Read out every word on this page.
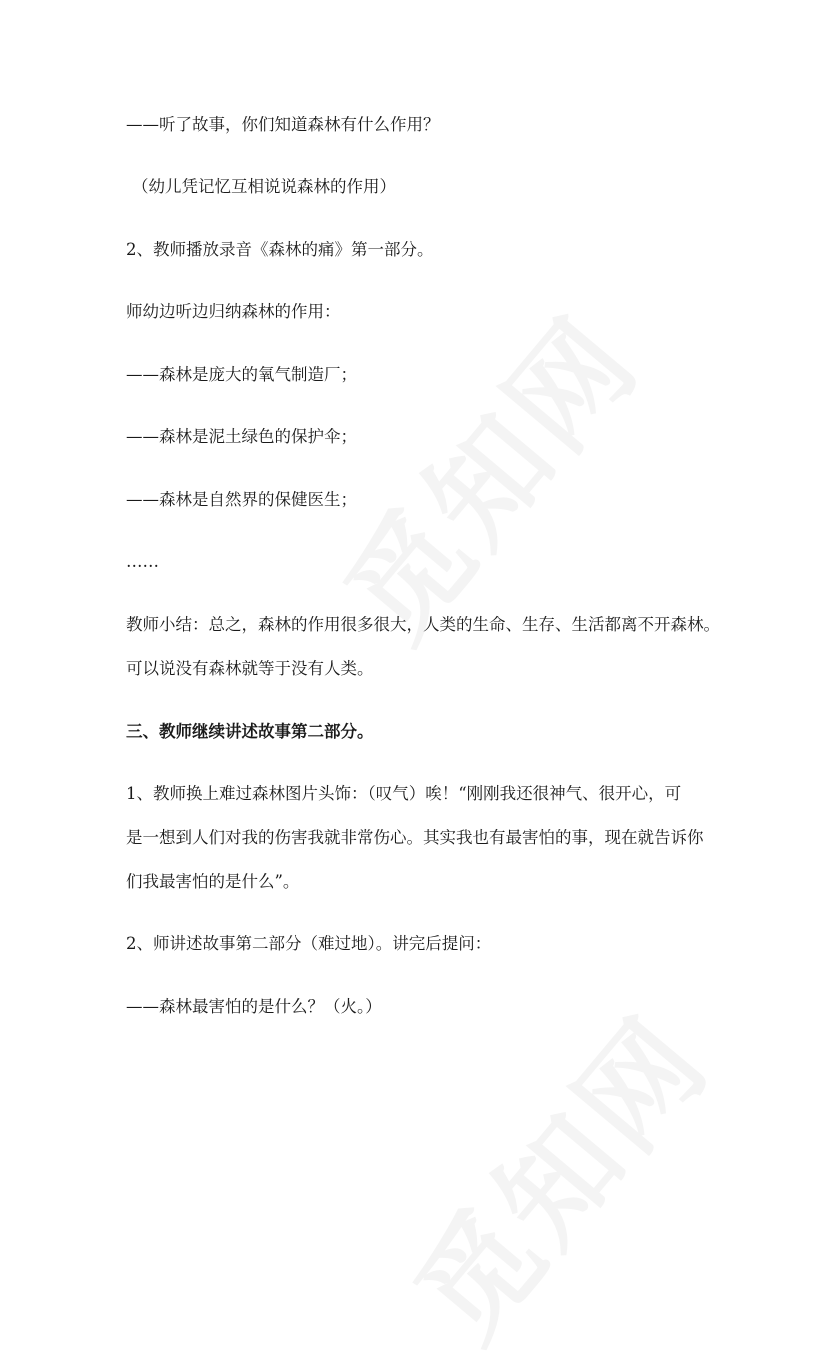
——听了故事，你们知道森林有什么作用？

（幼儿凭记忆互相说说森林的作用）

2、教师播放录音《森林的痛》第一部分。

师幼边听边归纳森林的作用：

——森林是庞大的氧气制造厂；

——森林是泥土绿色的保护伞；

——森林是自然界的保健医生；

……

教师小结：总之，森林的作用很多很大，人类的生命、生存、生活都离不开森林。

可以说没有森林就等于没有人类。

三、教师继续讲述故事第二部分。

1、教师换上难过森林图片头饰：（叹气）唉！“刚刚我还很神气、很开心，可

是一想到人们对我的伤害我就非常伤心。其实我也有最害怕的事，现在就告诉你

们我最害怕的是什么”。

2、师讲述故事第二部分（难过地）。讲完后提问：

——森林最害怕的是什么？（火。）
